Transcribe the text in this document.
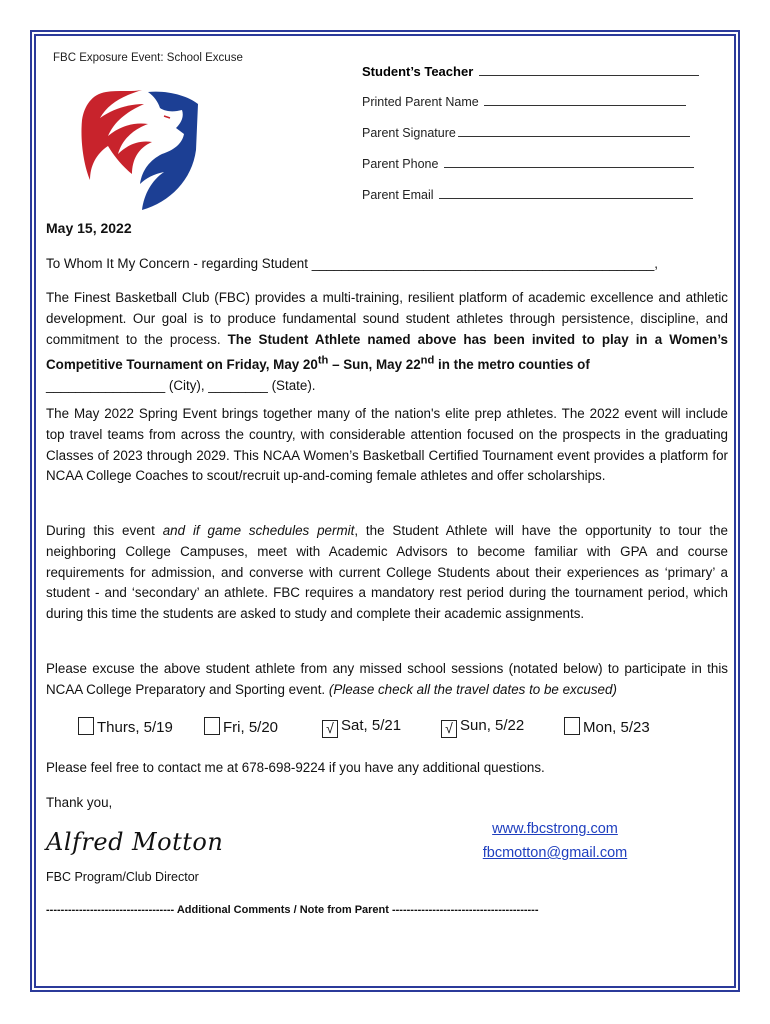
FBC Exposure Event: School Excuse
Student’s Teacher
Printed Parent Name
Parent Signature
Parent Phone
Parent Email
May 15, 2022
To Whom It My Concern - regarding Student ______________________________________________,
The Finest Basketball Club (FBC) provides a multi-training, resilient platform of academic excellence and athletic development. Our goal is to produce fundamental sound student athletes through persistence, discipline, and commitment to the process. The Student Athlete named above has been invited to play in a Women’s Competitive Tournament on Friday, May 20th – Sun, May 22nd in the metro counties of
________________ (City), ________ (State).
The May 2022 Spring Event brings together many of the nation's elite prep athletes. The 2022 event will include top travel teams from across the country, with considerable attention focused on the prospects in the graduating Classes of 2023 through 2029. This NCAA Women’s Basketball Certified Tournament event provides a platform for NCAA College Coaches to scout/recruit up-and-coming female athletes and offer scholarships.
During this event and if game schedules permit, the Student Athlete will have the opportunity to tour the neighboring College Campuses, meet with Academic Advisors to become familiar with GPA and course requirements for admission, and converse with current College Students about their experiences as ‘primary’ a student - and ‘secondary’ an athlete. FBC requires a mandatory rest period during the tournament period, which during this time the students are asked to study and complete their academic assignments.
Please excuse the above student athlete from any missed school sessions (notated below) to participate in this NCAA College Preparatory and Sporting event. (Please check all the travel dates to be excused)
Thurs, 5/19	Fri, 5/20	√ Sat, 5/21	√ Sun, 5/22	Mon, 5/23
Please feel free to contact me at 678-698-9224 if you have any additional questions.
Thank you,
Alfred Motton
FBC Program/Club Director
www.fbcstrong.com
fbcmotton@gmail.com
----------------------------------- Additional Comments / Note from Parent ----------------------------------------
